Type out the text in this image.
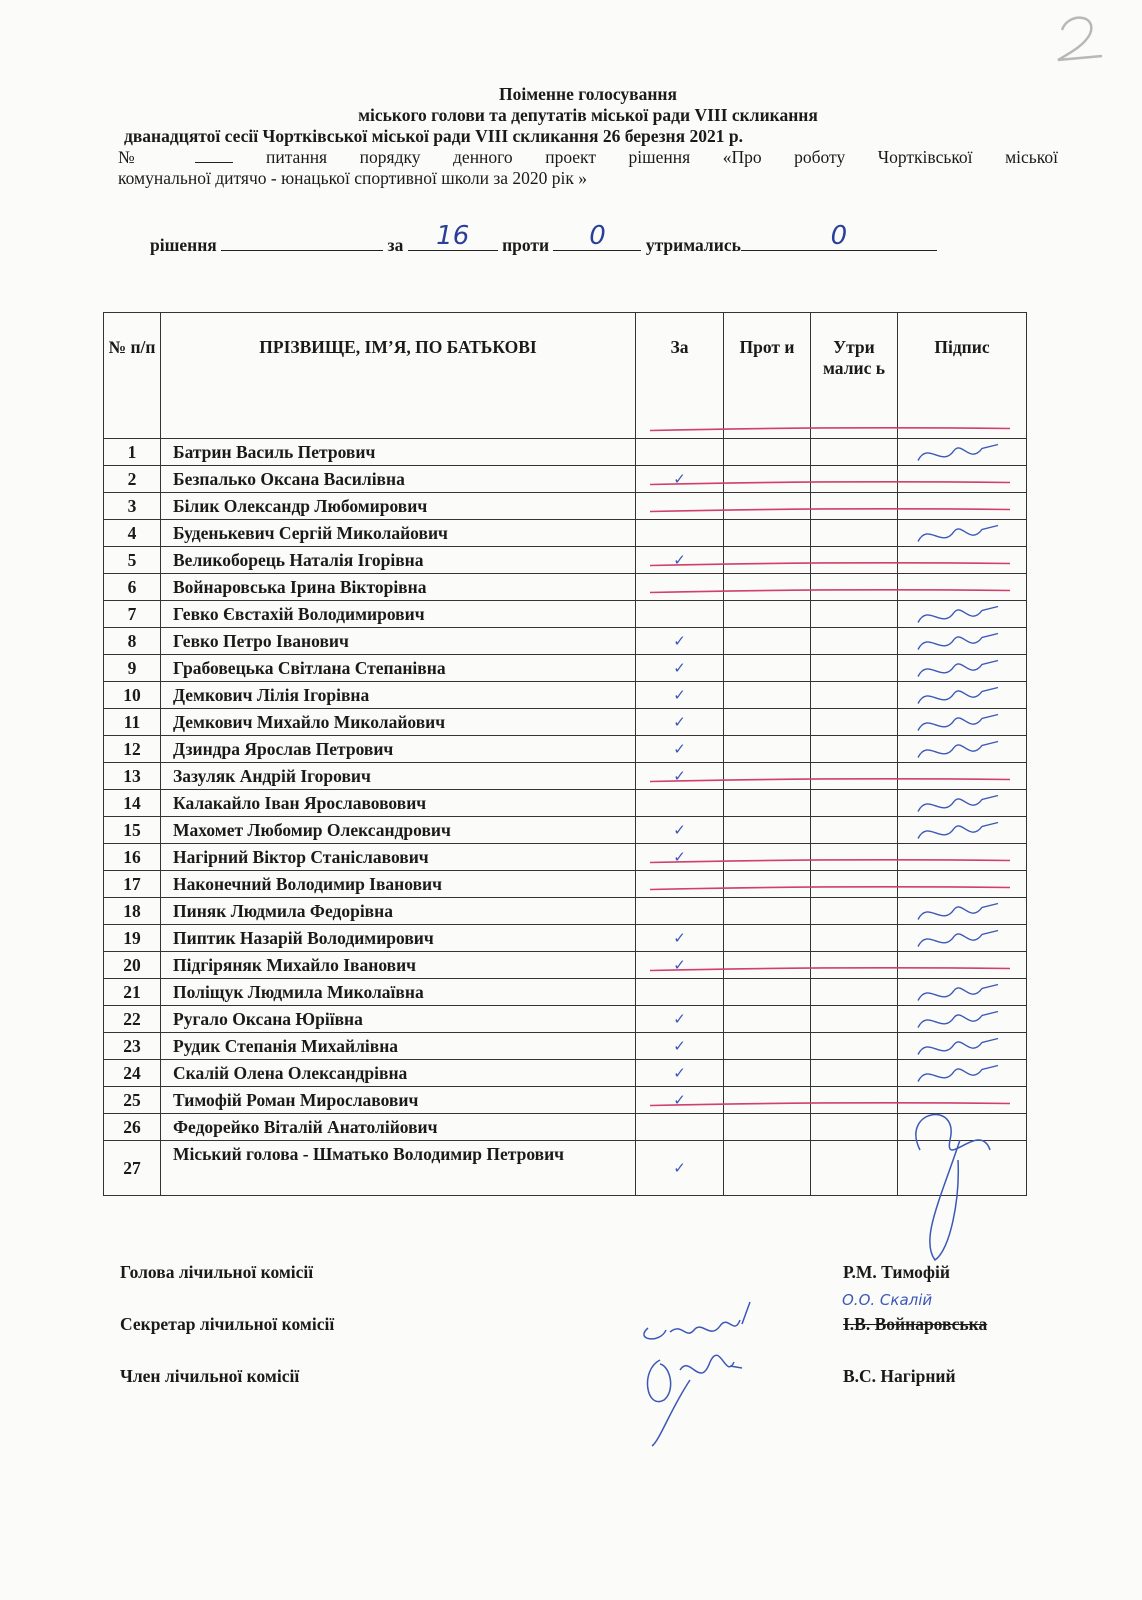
Поіменне голосування
міського голови та депутатів міської ради VIII скликання
дванадцятої сесії Чортківської міської ради VIII скликання 26 березня 2021 р.
№	питання порядку денного проект рішення «Про роботу Чортківської міської
комунальної дитячо - юнацької спортивної школи за 2020 рік »
рішення	за	16	проти	0	утримались	0
№ п/п	ПРІЗВИЩЕ, ІМ’Я, ПО БАТЬКОВІ	За	Прот и	Утри малис ь	Підпис
1	Батрин Василь Петрович				
2	Безпалько Оксана Василівна	✓			
3	Білик Олександр Любомирович				
4	Буденькевич Сергій Миколайович				
5	Великоборець Наталія Ігорівна	✓			
6	Войнаровська Ірина Вікторівна				
7	Гевко Євстахій Володимирович				
8	Гевко Петро Іванович	✓			
9	Грабовецька Світлана Степанівна	✓			
10	Демкович Лілія Ігорівна	✓			
11	Демкович Михайло Миколайович	✓			
12	Дзиндра Ярослав Петрович	✓			
13	Зазуляк Андрій Ігорович	✓			
14	Калакайло Іван Ярославовович				
15	Махомет Любомир Олександрович	✓			
16	Нагірний Віктор Станіславович	✓			
17	Наконечний Володимир Іванович				
18	Пиняк Людмила Федорівна				
19	Пиптик Назарій Володимирович	✓			
20	Підгіряняк Михайло Іванович	✓			
21	Поліщук Людмила Миколаївна				
22	Ругало Оксана Юріївна	✓			
23	Рудик Степанія Михайлівна	✓			
24	Скалій Олена Олександрівна	✓			
25	Тимофій Роман Мирославович	✓			
26	Федорейко Віталій Анатолійович				
27	Міський голова - Шматько Володимир Петрович	✓			
Голова лічильної комісії	Р.М. Тимофій
Секретар лічильної комісії	І.В. Войнаровська
О.О. Скалій
Член лічильної комісії	В.С. Нагірний
